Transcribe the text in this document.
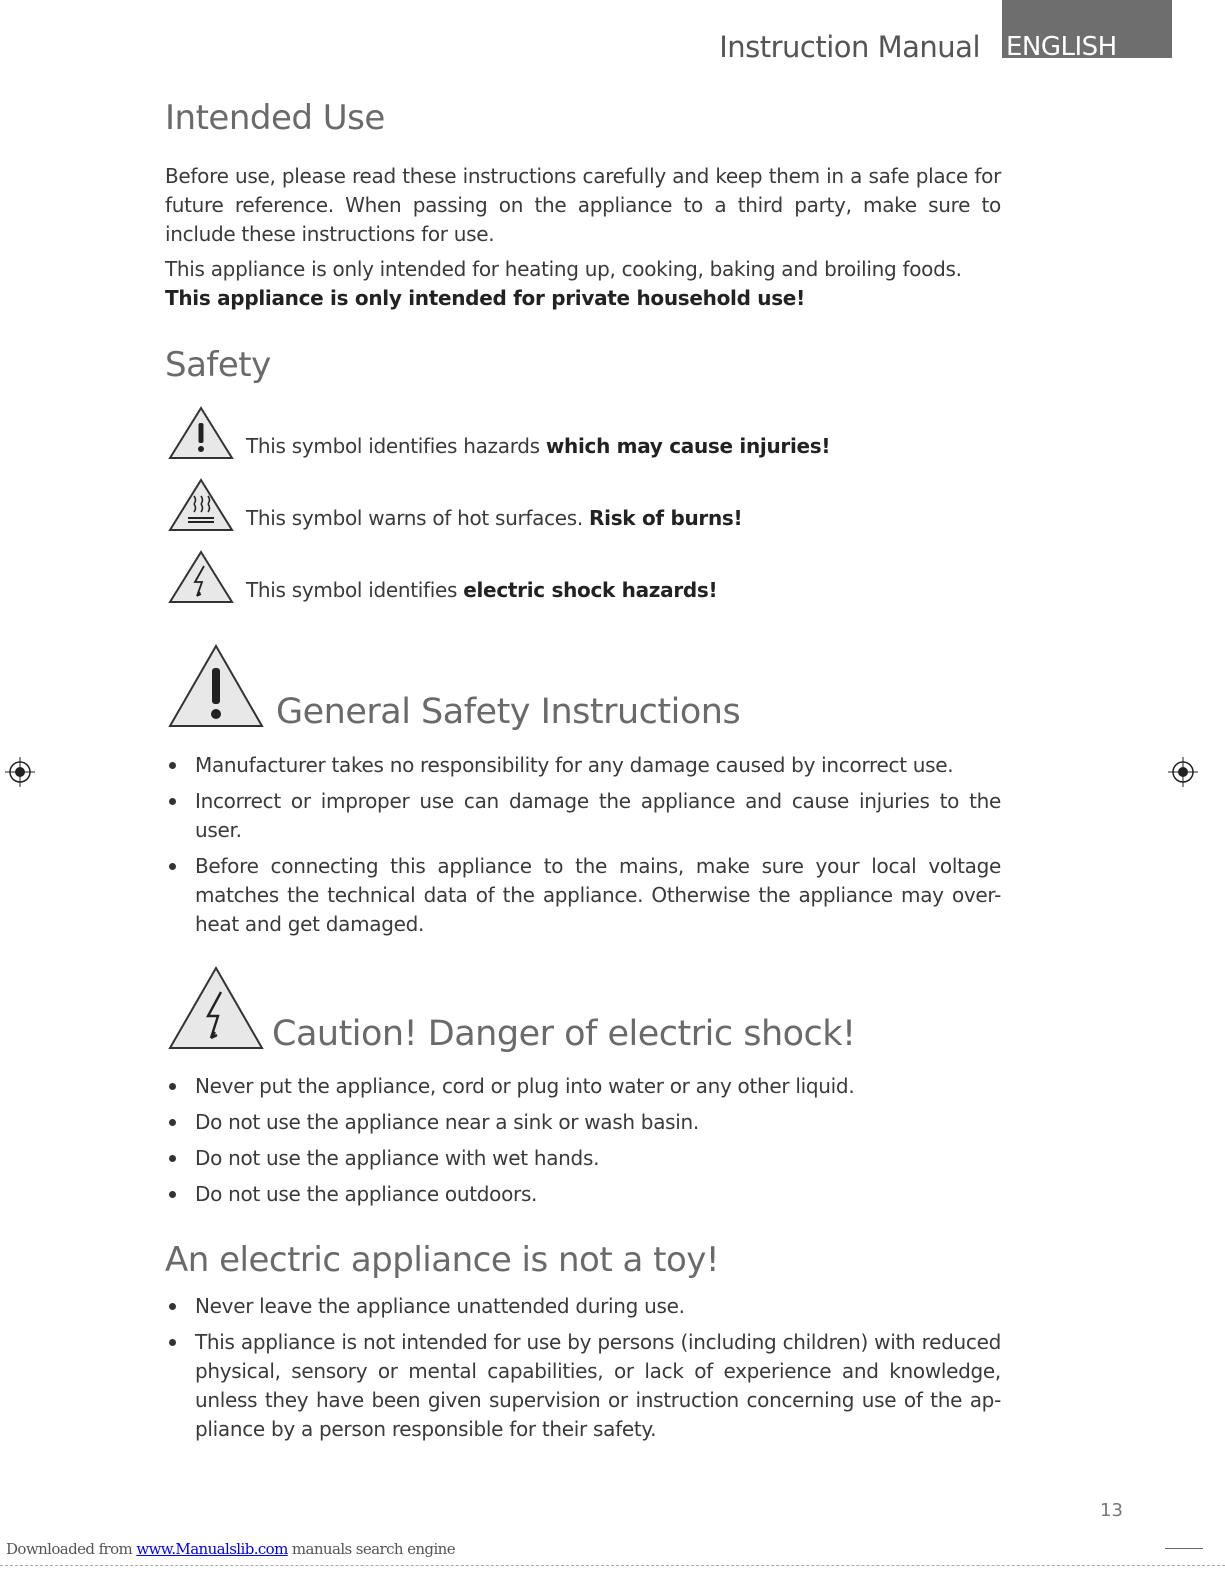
Instruction Manual ENGLISH
Intended Use

Before use, please read these instructions carefully and keep them in a safe place for future reference. When passing on the appliance to a third party, make sure to include these instructions for use.

This appliance is only intended for heating up, cooking, baking and broiling foods.
This appliance is only intended for private household use!
Safety
This symbol identifies hazards which may cause injuries!
This symbol warns of hot surfaces. Risk of burns!
This symbol identifies electric shock hazards!
General Safety Instructions
Manufacturer takes no responsibility for any damage caused by incorrect use.
Incorrect or improper use can damage the appliance and cause injuries to the user.
Before connecting this appliance to the mains, make sure your local voltage matches the technical data of the appliance. Otherwise the appliance may over-heat and get damaged.
Caution! Danger of electric shock!
Never put the appliance, cord or plug into water or any other liquid.
Do not use the appliance near a sink or wash basin.
Do not use the appliance with wet hands.
Do not use the appliance outdoors.
An electric appliance is not a toy!
Never leave the appliance unattended during use.
This appliance is not intended for use by persons (including children) with reduced physical, sensory or mental capabilities, or lack of experience and knowledge, unless they have been given supervision or instruction concerning use of the ap-pliance by a person responsible for their safety.
13
Downloaded from www.Manualslib.com manuals search engine
